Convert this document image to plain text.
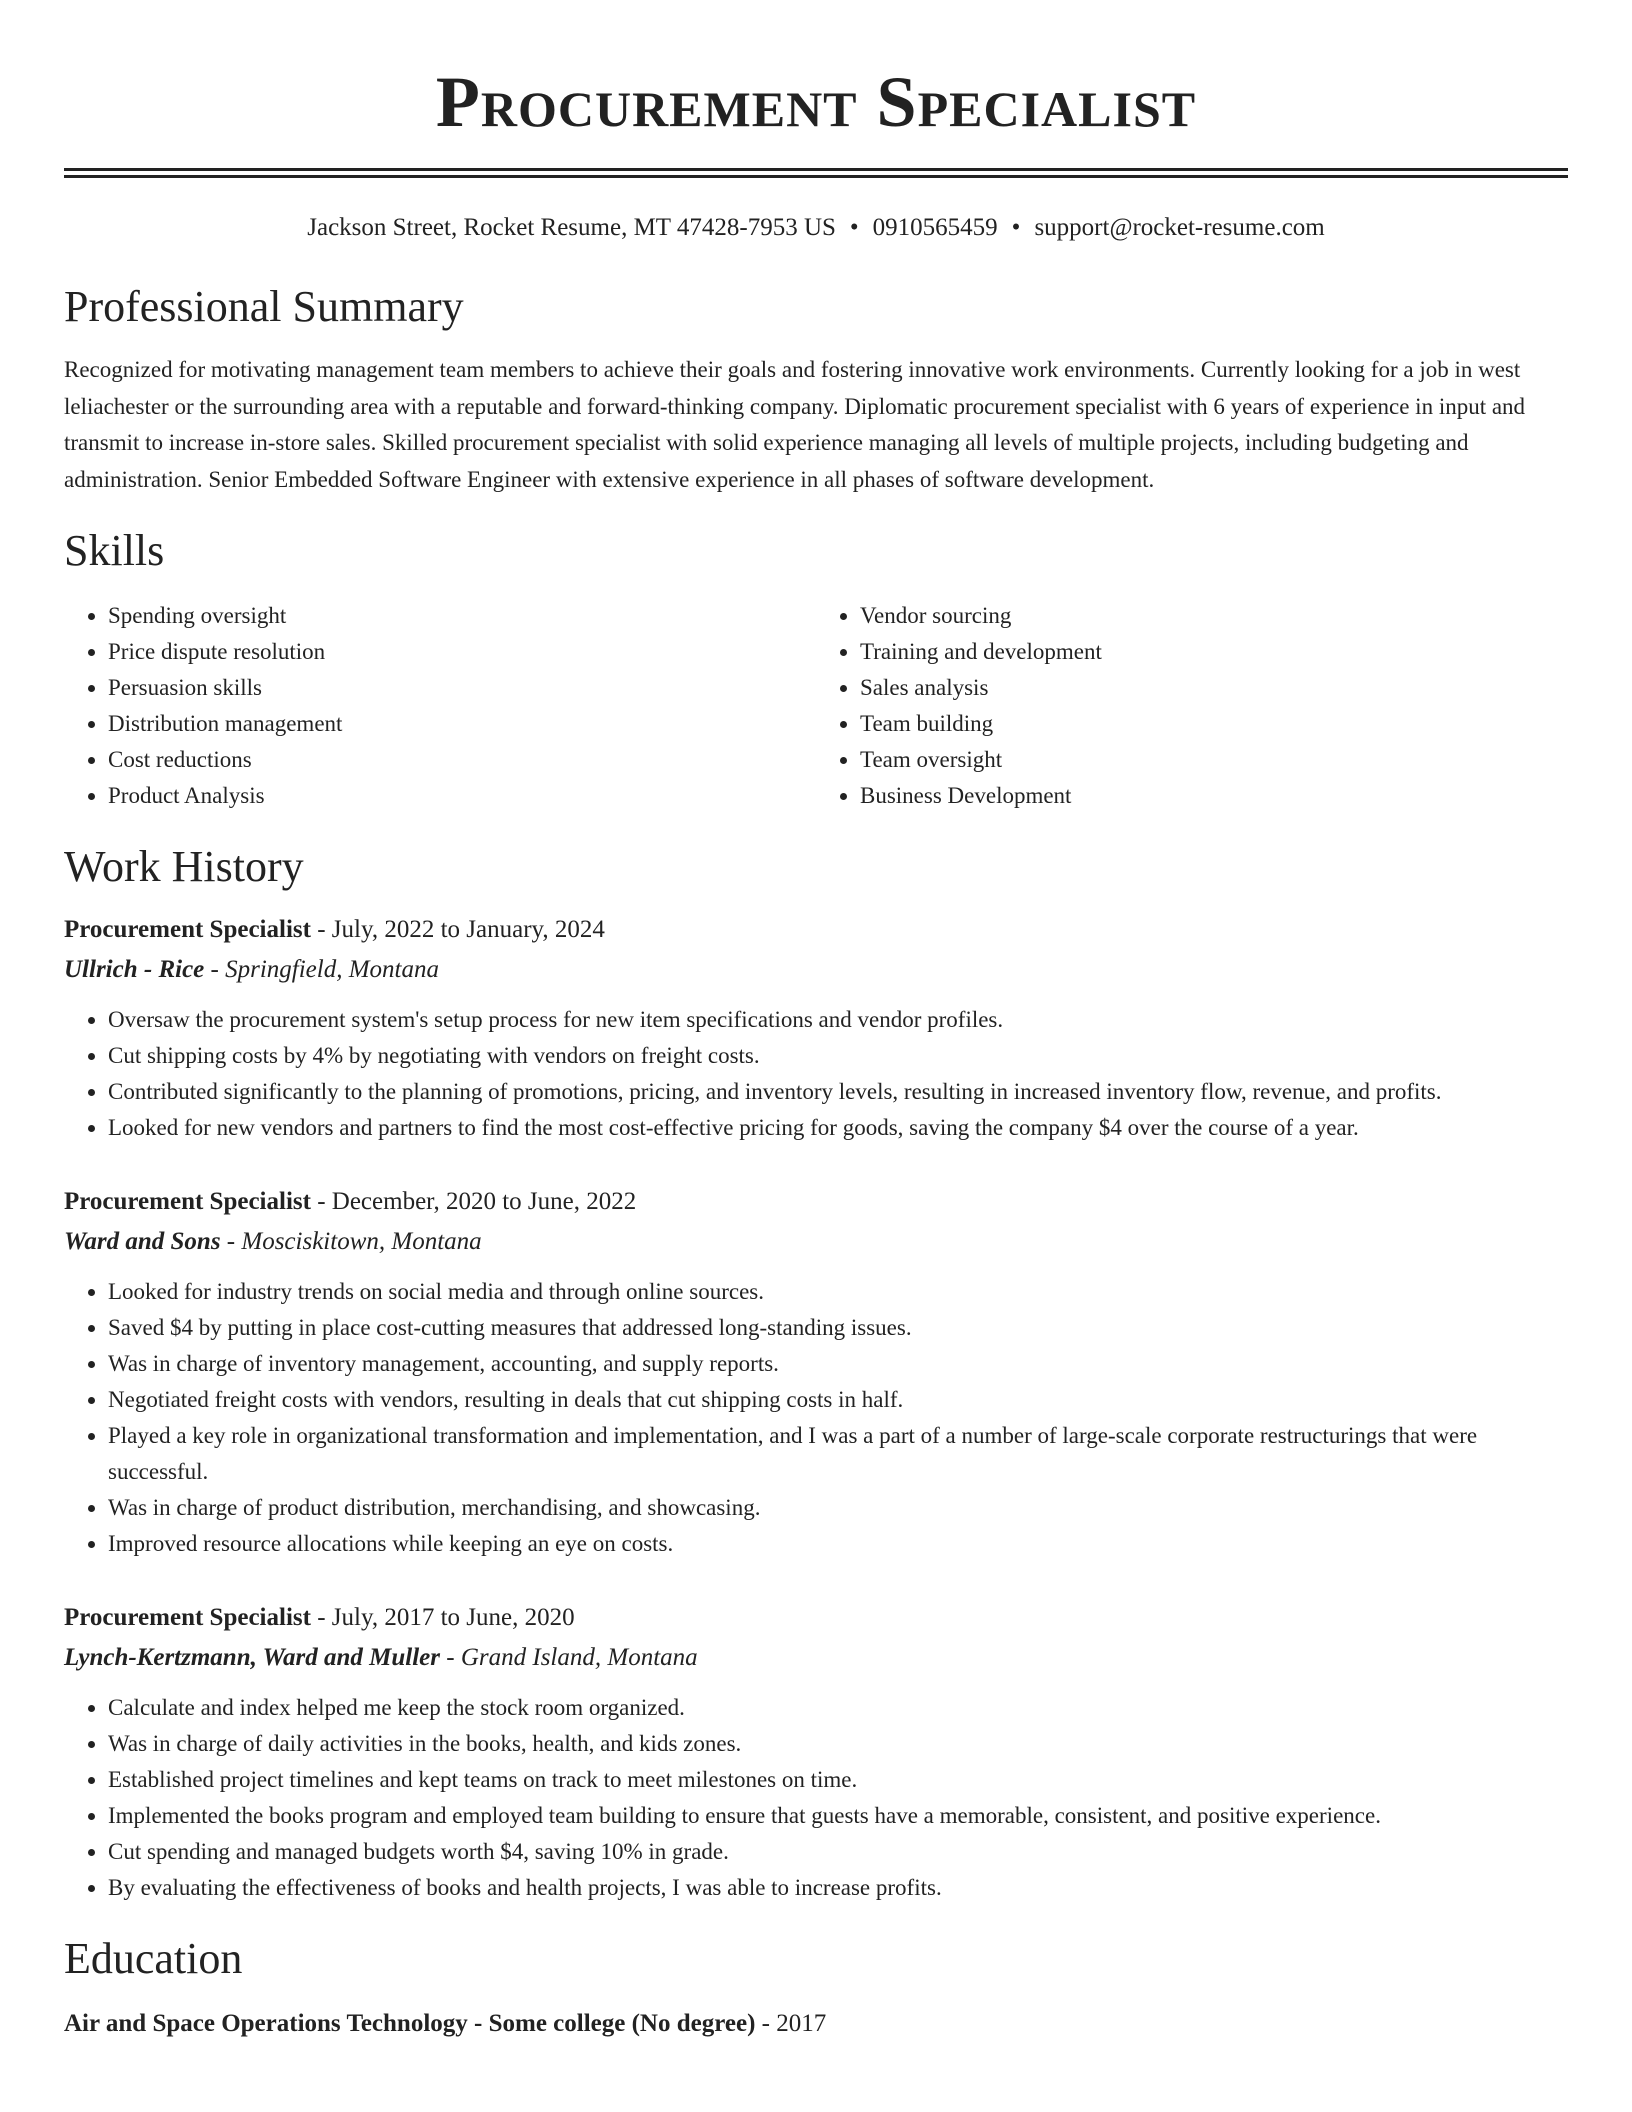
Procurement Specialist
Jackson Street, Rocket Resume, MT 47428-7953 US • 0910565459 • support@rocket-resume.com
Professional Summary

Recognized for motivating management team members to achieve their goals and fostering innovative work environments. Currently looking for a job in west leliachester or the surrounding area with a reputable and forward-thinking company. Diplomatic procurement specialist with 6 years of experience in input and transmit to increase in-store sales. Skilled procurement specialist with solid experience managing all levels of multiple projects, including budgeting and administration. Senior Embedded Software Engineer with extensive experience in all phases of software development.

Skills
• Spending oversight
• Price dispute resolution
• Persuasion skills
• Distribution management
• Cost reductions
• Product Analysis
• Vendor sourcing
• Training and development
• Sales analysis
• Team building
• Team oversight
• Business Development
Work History

Procurement Specialist - July, 2022 to January, 2024

Ullrich - Rice - Springfield, Montana

• Oversaw the procurement system's setup process for new item specifications and vendor profiles.
• Cut shipping costs by 4% by negotiating with vendors on freight costs.
• Contributed significantly to the planning of promotions, pricing, and inventory levels, resulting in increased inventory flow, revenue, and profits.
• Looked for new vendors and partners to find the most cost-effective pricing for goods, saving the company $4 over the course of a year.

Procurement Specialist - December, 2020 to June, 2022

Ward and Sons - Mosciskitown, Montana

• Looked for industry trends on social media and through online sources.
• Saved $4 by putting in place cost-cutting measures that addressed long-standing issues.
• Was in charge of inventory management, accounting, and supply reports.
• Negotiated freight costs with vendors, resulting in deals that cut shipping costs in half.
• Played a key role in organizational transformation and implementation, and I was a part of a number of large-scale corporate restructurings that were successful.
• Was in charge of product distribution, merchandising, and showcasing.
• Improved resource allocations while keeping an eye on costs.

Procurement Specialist - July, 2017 to June, 2020

Lynch-Kertzmann, Ward and Muller - Grand Island, Montana

• Calculate and index helped me keep the stock room organized.
• Was in charge of daily activities in the books, health, and kids zones.
• Established project timelines and kept teams on track to meet milestones on time.
• Implemented the books program and employed team building to ensure that guests have a memorable, consistent, and positive experience.
• Cut spending and managed budgets worth $4, saving 10% in grade.
• By evaluating the effectiveness of books and health projects, I was able to increase profits.
Education

Air and Space Operations Technology - Some college (No degree) - 2017
